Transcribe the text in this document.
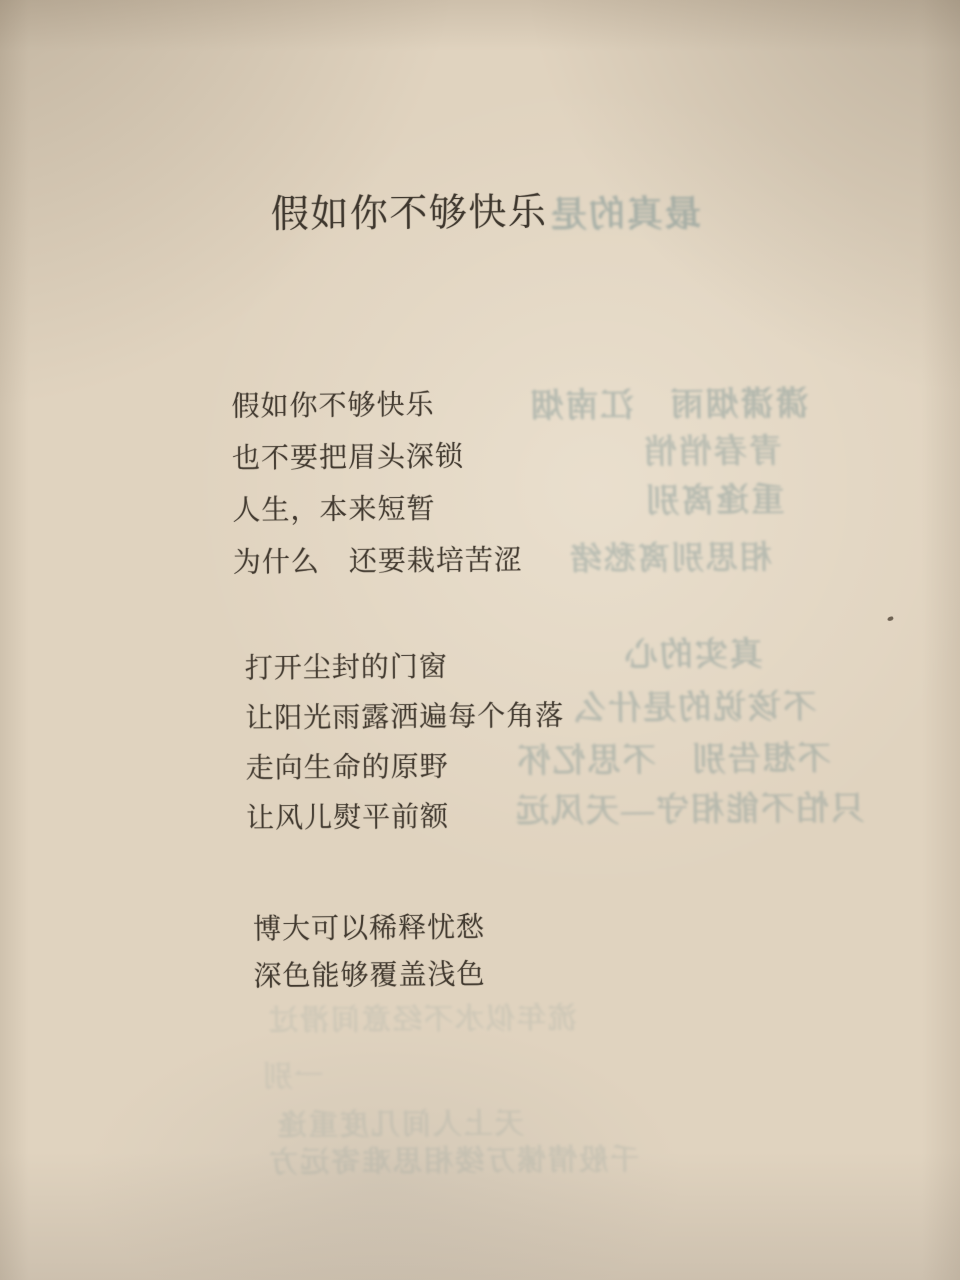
假如你不够快乐
假如你不够快乐
也不要把眉头深锁
人生，本来短暂
为什么　还要栽培苦涩
打开尘封的门窗
让阳光雨露洒遍每个角落
走向生命的原野
让风儿熨平前额
博大可以稀释忧愁
深色能够覆盖浅色
最真的是
潇潇烟雨　江南烟
青春悄悄
重逢离别
相思别离愁绪
真实的心
不该说的是什么
不想告别　不思忆怀
只怕不能相守—天风远
流年似水不经意间滑过
一别
天上人间几度重逢
千般情愫万缕相思难寄远方
